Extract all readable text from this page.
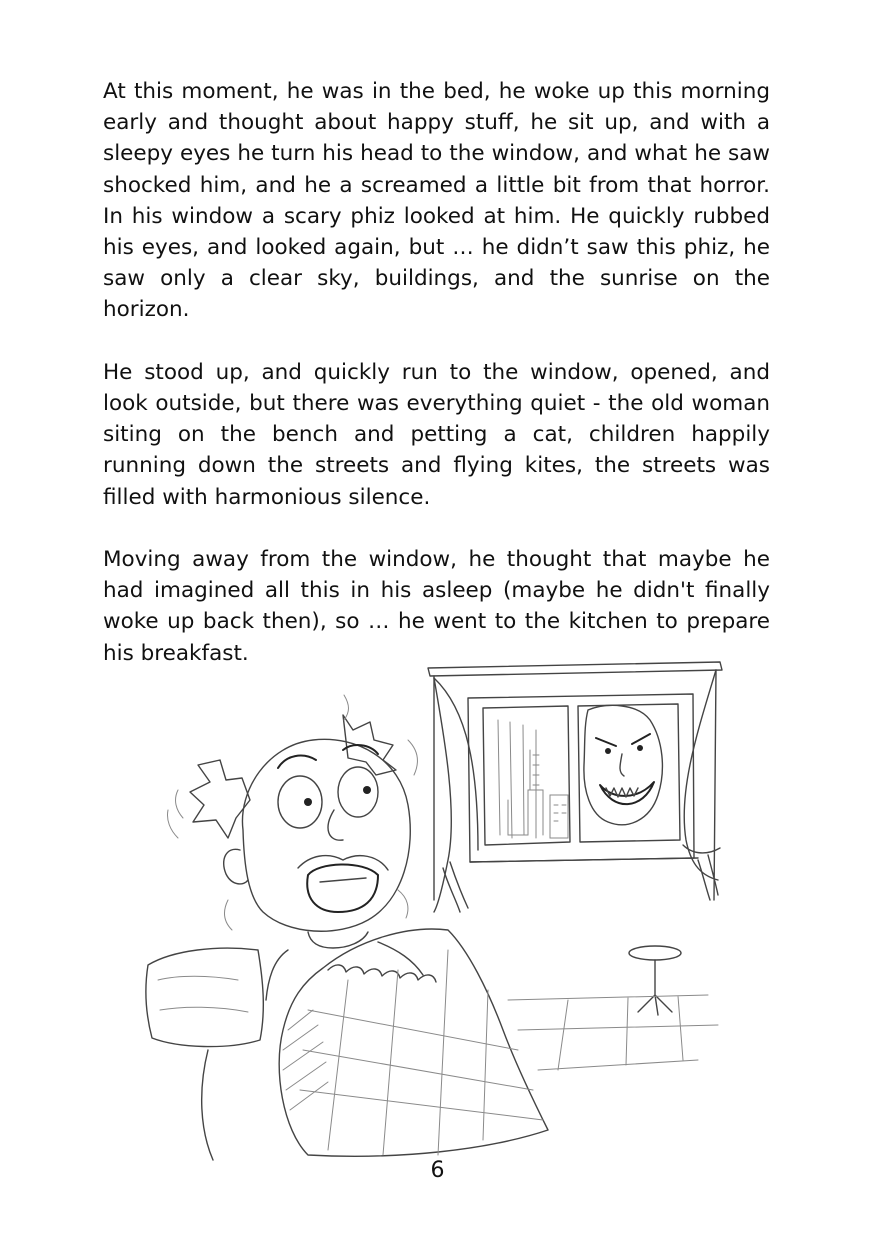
At this moment, he was in the bed, he woke up this morning early and thought about happy stuff, he sit up, and with a sleepy eyes he turn his head to the window, and what he saw shocked him, and he a screamed a little bit from that horror. In his window a scary phiz looked at him. He quickly rubbed his eyes, and looked again, but … he didn’t saw this phiz, he saw only a clear sky, buildings, and the sunrise on the horizon.

He stood up, and quickly run to the window, opened, and look outside, but there was everything quiet - the old woman siting on the bench and petting a cat, children happily running down the streets and flying kites, the streets was filled with harmonious silence.

Moving away from the window, he thought that maybe he had imagined all this in his asleep (maybe he didn't finally woke up back then), so … he went to the kitchen to prepare his breakfast.

6
